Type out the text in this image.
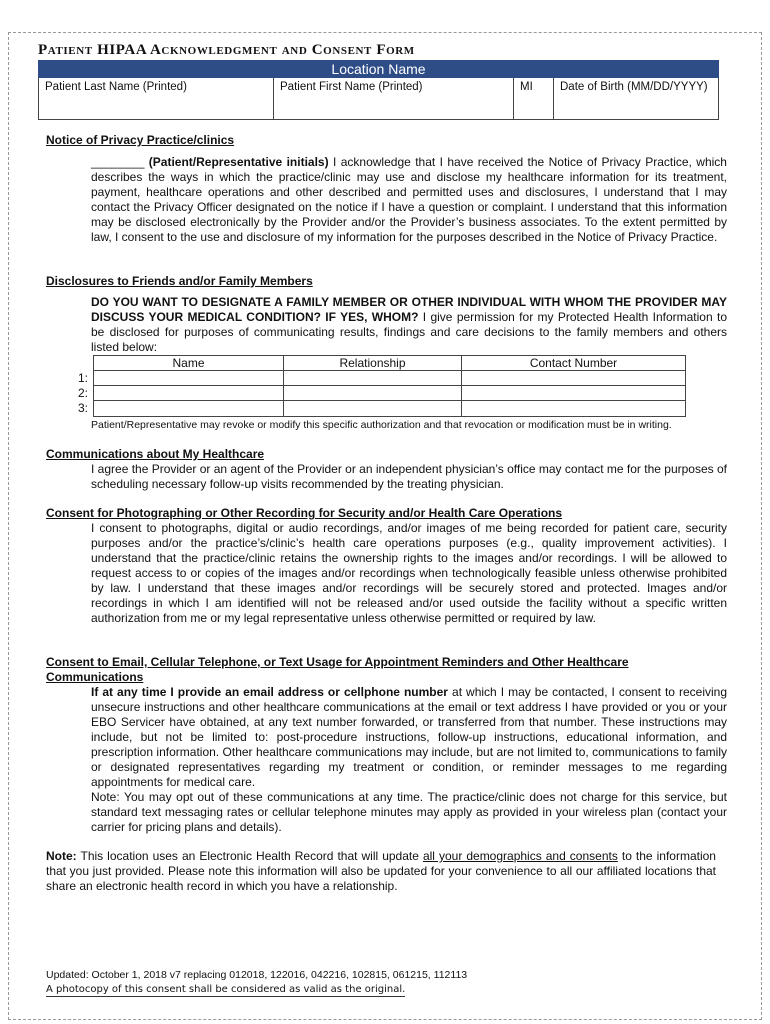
Patient HIPAA Acknowledgment and Consent Form
Location Name
Patient Last Name (Printed)	Patient First Name (Printed)	MI	Date of Birth (MM/DD/YYYY)
Notice of Privacy Practice/clinics
________ (Patient/Representative initials) I acknowledge that I have received the Notice of Privacy Practice, which describes the ways in which the practice/clinic may use and disclose my healthcare information for its treatment, payment, healthcare operations and other described and permitted uses and disclosures, I understand that I may contact the Privacy Officer designated on the notice if I have a question or complaint. I understand that this information may be disclosed electronically by the Provider and/or the Provider’s business associates. To the extent permitted by law, I consent to the use and disclosure of my information for the purposes described in the Notice of Privacy Practice.
Disclosures to Friends and/or Family Members
DO YOU WANT TO DESIGNATE A FAMILY MEMBER OR OTHER INDIVIDUAL WITH WHOM THE PROVIDER MAY DISCUSS YOUR MEDICAL CONDITION? IF YES, WHOM? I give permission for my Protected Health Information to be disclosed for purposes of communicating results, findings and care decisions to the family members and others listed below:
Name	Relationship	Contact Number
1:
2:
3:
Patient/Representative may revoke or modify this specific authorization and that revocation or modification must be in writing.
Communications about My Healthcare
I agree the Provider or an agent of the Provider or an independent physician’s office may contact me for the purposes of scheduling necessary follow-up visits recommended by the treating physician.
Consent for Photographing or Other Recording for Security and/or Health Care Operations
I consent to photographs, digital or audio recordings, and/or images of me being recorded for patient care, security purposes and/or the practice’s/clinic’s health care operations purposes (e.g., quality improvement activities). I understand that the practice/clinic retains the ownership rights to the images and/or recordings. I will be allowed to request access to or copies of the images and/or recordings when technologically feasible unless otherwise prohibited by law. I understand that these images and/or recordings will be securely stored and protected. Images and/or recordings in which I am identified will not be released and/or used outside the facility without a specific written authorization from me or my legal representative unless otherwise permitted or required by law.
Consent to Email, Cellular Telephone, or Text Usage for Appointment Reminders and Other Healthcare Communications
If at any time I provide an email address or cellphone number at which I may be contacted, I consent to receiving unsecure instructions and other healthcare communications at the email or text address I have provided or you or your EBO Servicer have obtained, at any text number forwarded, or transferred from that number. These instructions may include, but not be limited to: post-procedure instructions, follow-up instructions, educational information, and prescription information. Other healthcare communications may include, but are not limited to, communications to family or designated representatives regarding my treatment or condition, or reminder messages to me regarding appointments for medical care.
Note: You may opt out of these communications at any time. The practice/clinic does not charge for this service, but standard text messaging rates or cellular telephone minutes may apply as provided in your wireless plan (contact your carrier for pricing plans and details).
Note: This location uses an Electronic Health Record that will update all your demographics and consents to the information that you just provided. Please note this information will also be updated for your convenience to all our affiliated locations that share an electronic health record in which you have a relationship.
Updated: October 1, 2018 v7 replacing 012018, 122016, 042216, 102815, 061215, 112113
A photocopy of this consent shall be considered as valid as the original.
